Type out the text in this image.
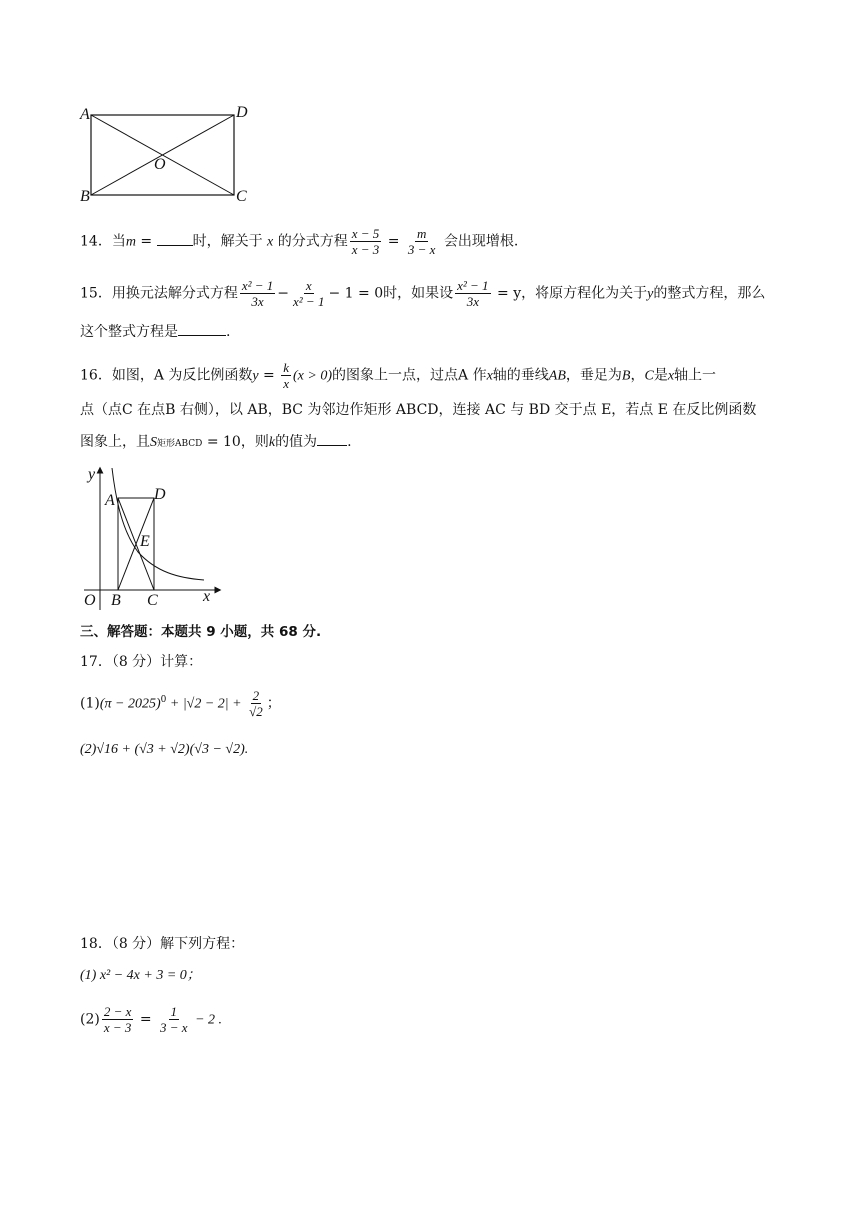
A	D
O
B	C
14．当m =	时，解关于 x 的分式方程 $\frac{x - 5}{x - 3} = \frac{m}{3 - x}$ 会出现增根.
15．用换元法解分式方程 $\frac{\text{x² − 1}}{3x} - \frac{x}{\text{x² − 1}} - 1 = 0$时，如果设 $\frac{\text{x² − 1}}{3x} = y$，将原方程化为关于y的整式方程，那么
这个整式方程是	.
16．如图，A 为反比例函数$y = \frac{k}{x} (x > 0)$的图象上一点，过点A 作x轴的垂线AB，垂足为B，C是x轴上一
点（点C 在点B 右侧），以 AB，BC 为邻边作矩形 ABCD，连接 AC 与 BD 交于点 E，若点 E 在反比例函数
图象上，且S矩形ABCD = 10，则k的值为 .
y
A D
E
O B C	x
三、解答题：本题共 9 小题，共 68 分.
17．（8 分）计算：
$(1)(\pi - 2025)^0 + |√2 - 2| + \frac{2}{√2}$ ；
(2)√16 + (√3 + √2)(√3 − √2).
18．（8 分）解下列方程：
(1) x² − 4x + 3 = 0；
$(2) \frac{2 - x}{x - 3} = \frac{1}{3 - x} - 2$ .
